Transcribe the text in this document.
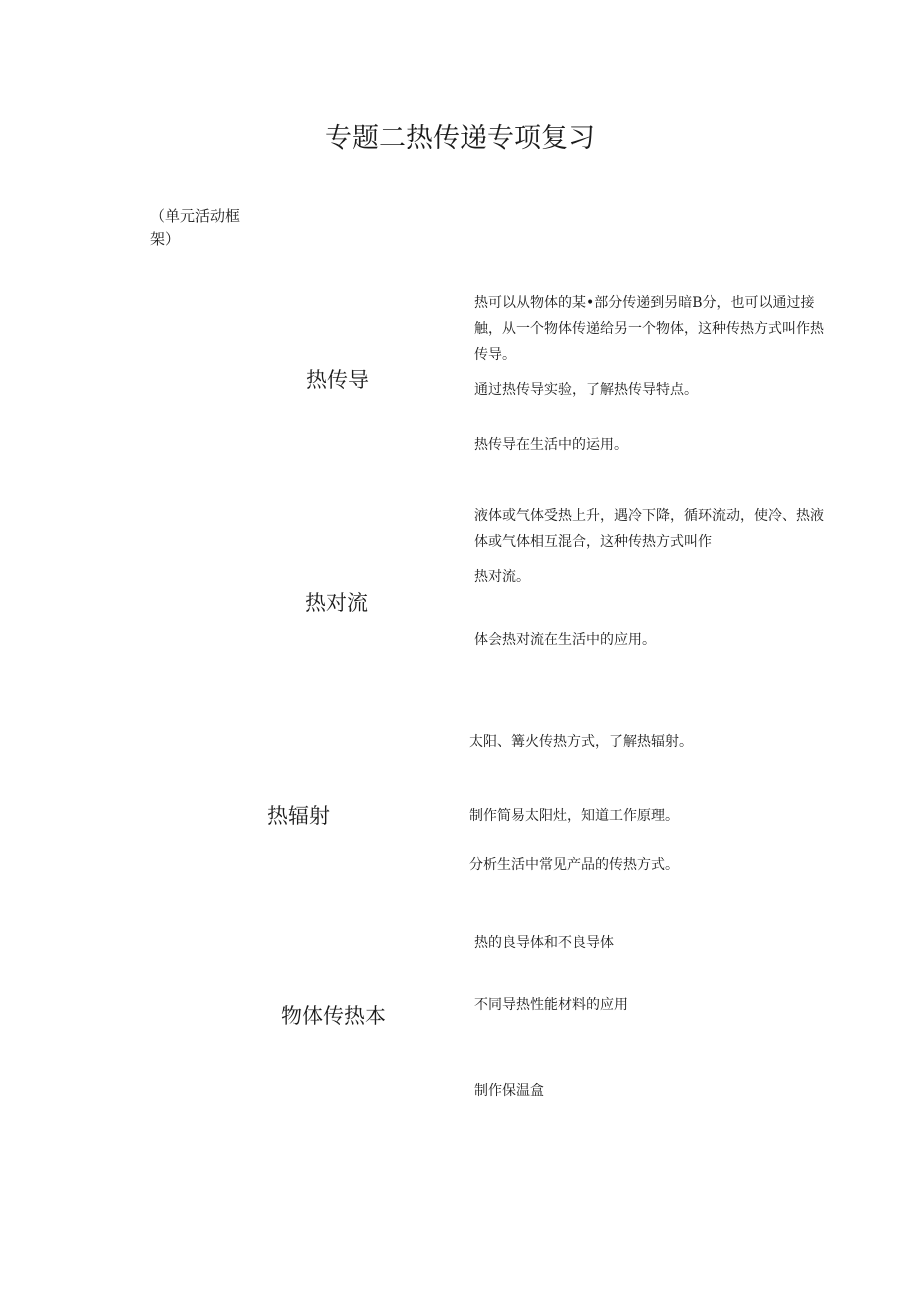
专题二热传递专项复习
（单元活动框架）
热传导
热可以从物体的某•部分传递到另暗B分，也可以通过接触，从一个物体传递给另一个物体，这种传热方式叫作热传导。
通过热传导实验，了解热传导特点。
热传导在生活中的运用。
热对流
液体或气体受热上升，遇冷下降，循环流动，使冷、热液体或气体相互混合，这种传热方式叫作
热对流。
体会热对流在生活中的应用。
热辐射
太阳、篝火传热方式，了解热辐射。
制作简易太阳灶，知道工作原理。
分析生活中常见产品的传热方式。
物体传热本
热的良导体和不良导体
不同导热性能材料的应用
制作保温盒
